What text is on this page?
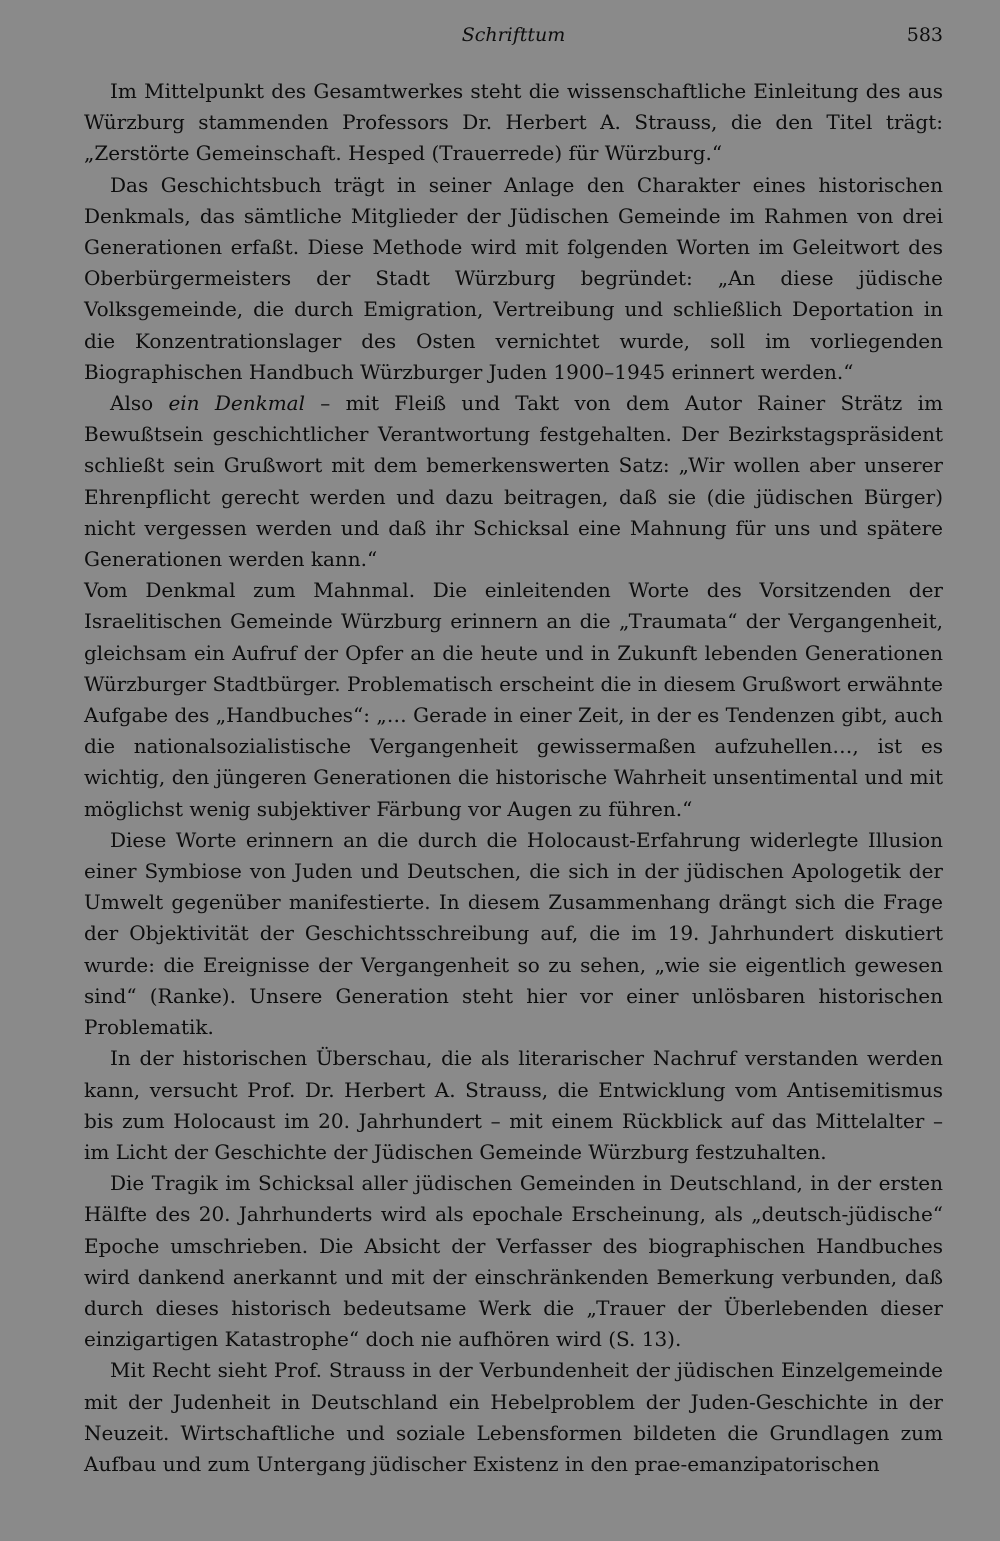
Schrifttum	583

Im Mittelpunkt des Gesamtwerkes steht die wissenschaftliche Einleitung des aus Würzburg stammenden Professors Dr. Herbert A. Strauss, die den Titel trägt: „Zerstörte Gemeinschaft. Hesped (Trauerrede) für Würzburg.“

Das Geschichtsbuch trägt in seiner Anlage den Charakter eines historischen Denkmals, das sämtliche Mitglieder der Jüdischen Gemeinde im Rahmen von drei Generationen erfaßt. Diese Methode wird mit folgenden Worten im Geleitwort des Oberbürgermeisters der Stadt Würzburg begründet: „An diese jüdische Volksgemeinde, die durch Emigration, Vertreibung und schließlich Deportation in die Konzentrationslager des Osten vernichtet wurde, soll im vorliegenden Biographischen Handbuch Würzburger Juden 1900–1945 erinnert werden.“

Also ein Denkmal – mit Fleiß und Takt von dem Autor Rainer Strätz im Bewußtsein geschichtlicher Verantwortung festgehalten. Der Bezirkstagspräsident schließt sein Grußwort mit dem bemerkenswerten Satz: „Wir wollen aber unserer Ehrenpflicht gerecht werden und dazu beitragen, daß sie (die jüdischen Bürger) nicht vergessen werden und daß ihr Schicksal eine Mahnung für uns und spätere Generationen werden kann.“

Vom Denkmal zum Mahnmal. Die einleitenden Worte des Vorsitzenden der Israelitischen Gemeinde Würzburg erinnern an die „Traumata“ der Vergangenheit, gleichsam ein Aufruf der Opfer an die heute und in Zukunft lebenden Generationen Würzburger Stadtbürger. Problematisch erscheint die in diesem Grußwort erwähnte Aufgabe des „Handbuches“: „… Gerade in einer Zeit, in der es Tendenzen gibt, auch die nationalsozialistische Vergangenheit gewissermaßen aufzuhellen…, ist es wichtig, den jüngeren Generationen die historische Wahrheit unsentimental und mit möglichst wenig subjektiver Färbung vor Augen zu führen.“

Diese Worte erinnern an die durch die Holocaust-Erfahrung widerlegte Illusion einer Symbiose von Juden und Deutschen, die sich in der jüdischen Apologetik der Umwelt gegenüber manifestierte. In diesem Zusammenhang drängt sich die Frage der Objektivität der Geschichtsschreibung auf, die im 19. Jahrhundert diskutiert wurde: die Ereignisse der Vergangenheit so zu sehen, „wie sie eigentlich gewesen sind“ (Ranke). Unsere Generation steht hier vor einer unlösbaren historischen Problematik.

In der historischen Überschau, die als literarischer Nachruf verstanden werden kann, versucht Prof. Dr. Herbert A. Strauss, die Entwicklung vom Antisemitismus bis zum Holocaust im 20. Jahrhundert – mit einem Rückblick auf das Mittelalter – im Licht der Geschichte der Jüdischen Gemeinde Würzburg festzuhalten.

Die Tragik im Schicksal aller jüdischen Gemeinden in Deutschland, in der ersten Hälfte des 20. Jahrhunderts wird als epochale Erscheinung, als „deutsch-jüdische“ Epoche umschrieben. Die Absicht der Verfasser des biographischen Handbuches wird dankend anerkannt und mit der einschränkenden Bemerkung verbunden, daß durch dieses historisch bedeutsame Werk die „Trauer der Überlebenden dieser einzigartigen Katastrophe“ doch nie aufhören wird (S. 13).

Mit Recht sieht Prof. Strauss in der Verbundenheit der jüdischen Einzelgemeinde mit der Judenheit in Deutschland ein Hebelproblem der Juden-Geschichte in der Neuzeit. Wirtschaftliche und soziale Lebensformen bildeten die Grundlagen zum Aufbau und zum Untergang jüdischer Existenz in den prae-emanzipatorischen
